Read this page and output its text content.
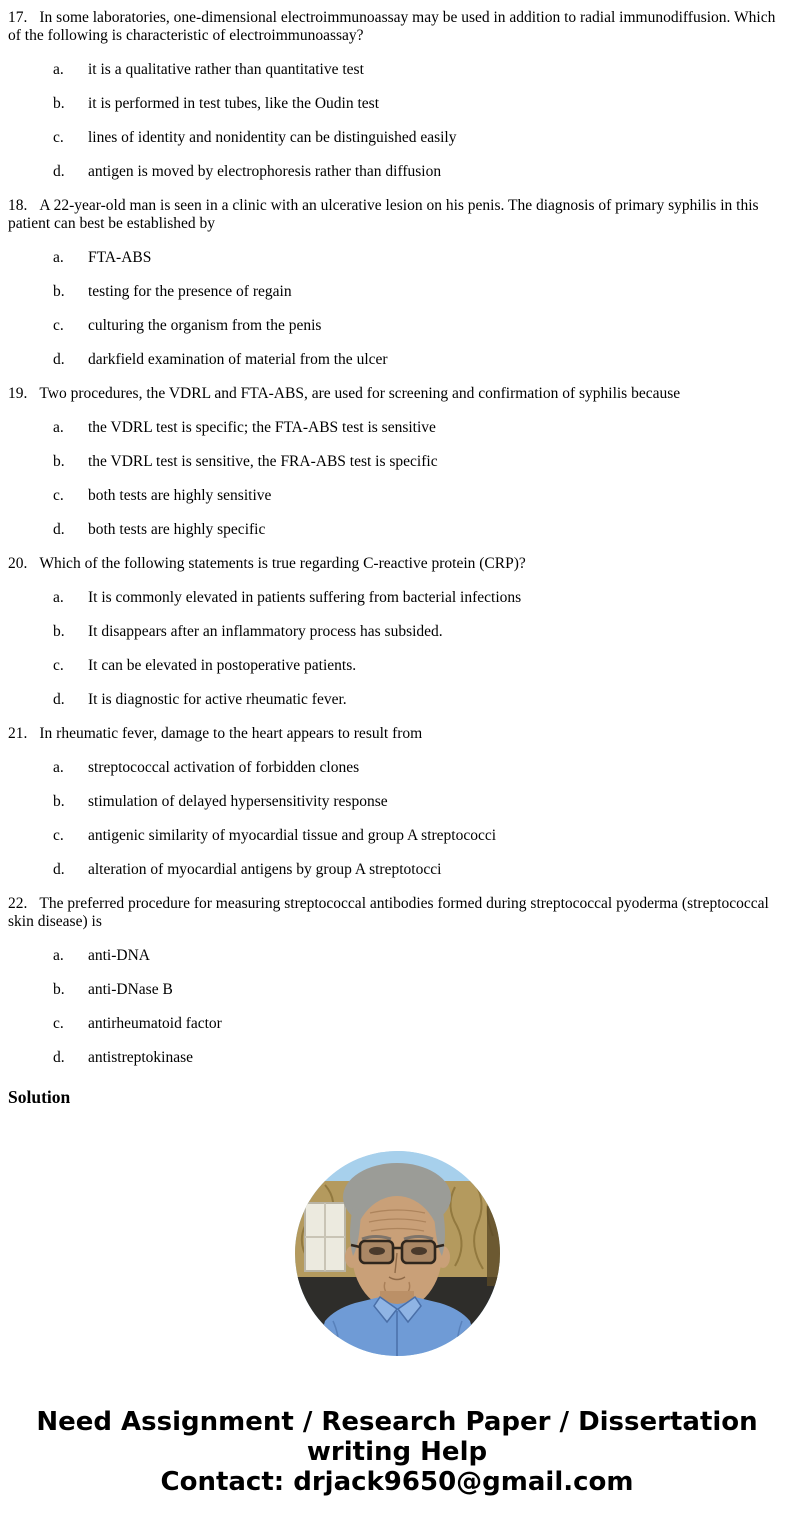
17. In some laboratories, one-dimensional electroimmunoassay may be used in addition to radial immunodiffusion. Which of the following is characteristic of electroimmunoassay?
a.	it is a qualitative rather than quantitative test
b.	it is performed in test tubes, like the Oudin test
c.	lines of identity and nonidentity can be distinguished easily
d.	antigen is moved by electrophoresis rather than diffusion
18. A 22-year-old man is seen in a clinic with an ulcerative lesion on his penis. The diagnosis of primary syphilis in this patient can best be established by
a.	FTA-ABS
b.	testing for the presence of regain
c.	culturing the organism from the penis
d.	darkfield examination of material from the ulcer
19. Two procedures, the VDRL and FTA-ABS, are used for screening and confirmation of syphilis because
a.	the VDRL test is specific; the FTA-ABS test is sensitive
b.	the VDRL test is sensitive, the FRA-ABS test is specific
c.	both tests are highly sensitive
d.	both tests are highly specific
20. Which of the following statements is true regarding C-reactive protein (CRP)?
a.	It is commonly elevated in patients suffering from bacterial infections
b.	It disappears after an inflammatory process has subsided.
c.	It can be elevated in postoperative patients.
d.	It is diagnostic for active rheumatic fever.
21. In rheumatic fever, damage to the heart appears to result from
a.	streptococcal activation of forbidden clones
b.	stimulation of delayed hypersensitivity response
c.	antigenic similarity of myocardial tissue and group A streptococci
d.	alteration of myocardial antigens by group A streptotocci
22. The preferred procedure for measuring streptococcal antibodies formed during streptococcal pyoderma (streptococcal skin disease) is
a.	anti-DNA
b.	anti-DNase B
c.	antirheumatoid factor
d.	antistreptokinase
Solution
Need Assignment / Research Paper / Dissertation
writing Help
Contact: drjack9650@gmail.com
